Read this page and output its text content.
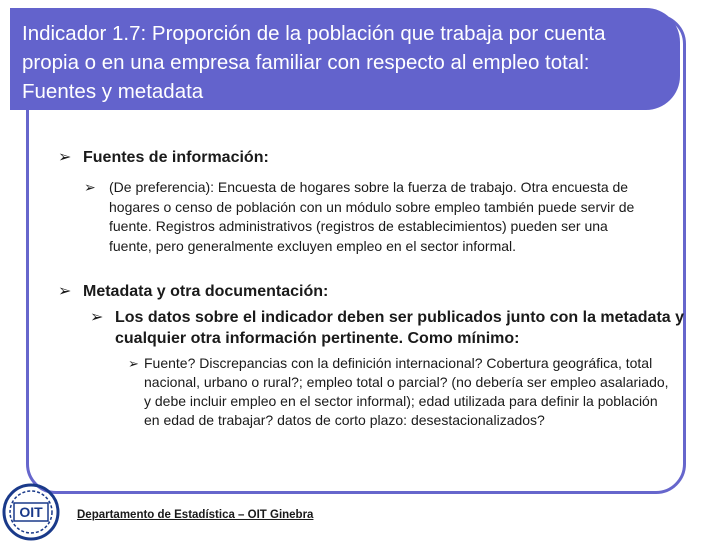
Indicador 1.7: Proporción de la población que trabaja por cuenta propia o en una empresa familiar con respecto al empleo total: Fuentes y metadata
➢ Fuentes de información:
➢ (De preferencia): Encuesta de hogares sobre la fuerza de trabajo. Otra encuesta de hogares o censo de población con un módulo sobre empleo también puede servir de fuente. Registros administrativos (registros de establecimientos) pueden ser una fuente, pero generalmente excluyen empleo en el sector informal.
➢ Metadata y otra documentación:
➢ Los datos sobre el indicador deben ser publicados junto con la metadata y cualquier otra información pertinente. Como mínimo:
➢ Fuente? Discrepancias con la definición internacional? Cobertura geográfica, total nacional, urbano o rural?; empleo total o parcial? (no debería ser empleo asalariado, y debe incluir empleo en el sector informal); edad utilizada para definir la población en edad de trabajar? datos de corto plazo: desestacionalizados?
OIT	Departamento de Estadística – OIT Ginebra
